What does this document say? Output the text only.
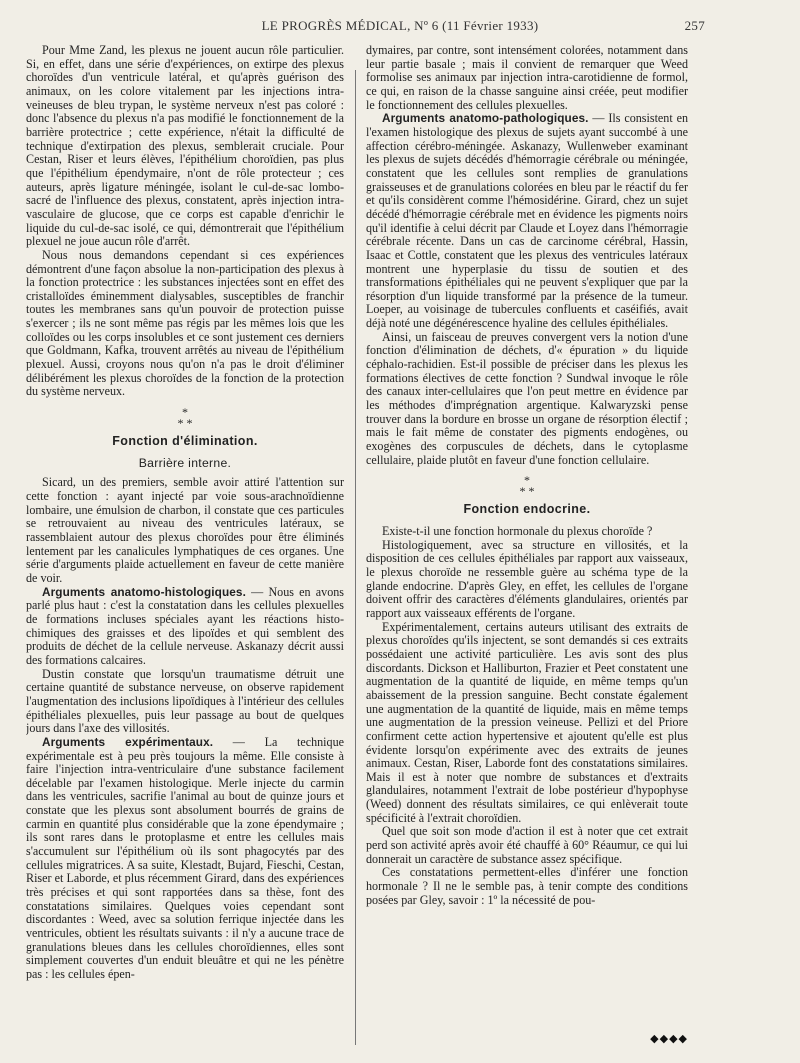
LE PROGRÈS MÉDICAL, Nº 6 (11 Février 1933)	257

Pour Mme Zand, les plexus ne jouent aucun rôle particulier. Si, en effet, dans une série d'expériences, on extirpe des plexus choroïdes d'un ventricule latéral, et qu'après guérison des animaux, on les colore vitalement par les injections intra-veineuses de bleu trypan, le système nerveux n'est pas coloré : donc l'absence du plexus n'a pas modifié le fonctionnement de la barrière protectrice ; cette expérience, n'était la difficulté de technique d'extirpation des plexus, semblerait cruciale. Pour Cestan, Riser et leurs élèves, l'épithélium choroïdien, pas plus que l'épithélium épendymaire, n'ont de rôle protecteur ; ces auteurs, après ligature méningée, isolant le cul-de-sac lombo-sacré de l'influence des plexus, constatent, après injection intra-vasculaire de glucose, que ce corps est capable d'enrichir le liquide du cul-de-sac isolé, ce qui, démontrerait que l'épithélium plexuel ne joue aucun rôle d'arrêt.

Nous nous demandons cependant si ces expériences démontrent d'une façon absolue la non-participation des plexus à la fonction protectrice : les substances injectées sont en effet des cristalloïdes éminemment dialysables, susceptibles de franchir toutes les membranes sans qu'un pouvoir de protection puisse s'exercer ; ils ne sont même pas régis par les mêmes lois que les colloïdes ou les corps insolubles et ce sont justement ces derniers que Goldmann, Kafka, trouvent arrêtés au niveau de l'épithélium plexuel. Aussi, croyons nous qu'on n'a pas le droit d'éliminer délibérément les plexus choroïdes de la fonction de la protection du système nerveux.

*
* *
Fonction d'élimination.
Barrière interne.

Sicard, un des premiers, semble avoir attiré l'attention sur cette fonction : ayant injecté par voie sous-arachnoïdienne lombaire, une émulsion de charbon, il constate que ces particules se retrouvaient au niveau des ventricules latéraux, se rassemblaient autour des plexus choroïdes pour être éliminés lentement par les canalicules lymphatiques de ces organes. Une série d'arguments plaide actuellement en faveur de cette manière de voir.

Arguments anatomo-histologiques. — Nous en avons parlé plus haut : c'est la constatation dans les cellules plexuelles de formations incluses spéciales ayant les réactions histo-chimiques des graisses et des lipoïdes et qui semblent des produits de déchet de la cellule nerveuse. Askanazy décrit aussi des formations calcaires.

Dustin constate que lorsqu'un traumatisme détruit une certaine quantité de substance nerveuse, on observe rapidement l'augmentation des inclusions lipoïdiques à l'intérieur des cellules épithéliales plexuelles, puis leur passage au bout de quelques jours dans l'axe des villosités.

Arguments expérimentaux. — La technique expérimentale est à peu près toujours la même. Elle consiste à faire l'injection intra-ventriculaire d'une substance facilement décelable par l'examen histologique. Merle injecte du carmin dans les ventricules, sacrifie l'animal au bout de quinze jours et constate que les plexus sont absolument bourrés de grains de carmin en quantité plus considérable que la zone épendymaire ; ils sont rares dans le protoplasme et entre les cellules mais s'accumulent sur l'épithélium où ils sont phagocytés par des cellules migratrices. A sa suite, Klestadt, Bujard, Fieschi, Cestan, Riser et Laborde, et plus récemment Girard, dans des expériences très précises et qui sont rapportées dans sa thèse, font des constatations similaires. Quelques voies cependant sont discordantes : Weed, avec sa solution ferrique injectée dans les ventricules, obtient les résultats suivants : il n'y a aucune trace de granulations bleues dans les cellules choroïdiennes, elles sont simplement couvertes d'un enduit bleuâtre et qui ne les pénètre pas : les cellules épen-

dymaires, par contre, sont intensément colorées, notamment dans leur partie basale ; mais il convient de remarquer que Weed formolise ses animaux par injection intra-carotidienne de formol, ce qui, en raison de la chasse sanguine ainsi créée, peut modifier le fonctionnement des cellules plexuelles.

Arguments anatomo-pathologiques. — Ils consistent en l'examen histologique des plexus de sujets ayant succombé à une affection cérébro-méningée. Askanazy, Wullenweber examinant les plexus de sujets décédés d'hémorragie cérébrale ou méningée, constatent que les cellules sont remplies de granulations graisseuses et de granulations colorées en bleu par le réactif du fer et qu'ils considèrent comme l'hémosidérine. Girard, chez un sujet décédé d'hémorragie cérébrale met en évidence les pigments noirs qu'il identifie à celui décrit par Claude et Loyez dans l'hémorragie cérébrale récente. Dans un cas de carcinome cérébral, Hassin, Isaac et Cottle, constatent que les plexus des ventricules latéraux montrent une hyperplasie du tissu de soutien et des transformations épithéliales qui ne peuvent s'expliquer que par la résorption d'un liquide transformé par la présence de la tumeur. Loeper, au voisinage de tubercules confluents et caséifiés, avait déjà noté une dégénérescence hyaline des cellules épithéliales.

Ainsi, un faisceau de preuves convergent vers la notion d'une fonction d'élimination de déchets, d'« épuration » du liquide céphalo-rachidien. Est-il possible de préciser dans les plexus les formations électives de cette fonction ? Sundwal invoque le rôle des canaux inter-cellulaires que l'on peut mettre en évidence par les méthodes d'imprégnation argentique. Kalwaryzski pense trouver dans la bordure en brosse un organe de résorption électif ; mais le fait même de constater des pigments endogènes, ou exogènes des corpuscules de déchets, dans le cytoplasme cellulaire, plaide plutôt en faveur d'une fonction cellulaire.

*
* *
Fonction endocrine.

Existe-t-il une fonction hormonale du plexus choroïde ?

Histologiquement, avec sa structure en villosités, et la disposition de ces cellules épithéliales par rapport aux vaisseaux, le plexus choroïde ne ressemble guère au schéma type de la glande endocrine. D'après Gley, en effet, les cellules de l'organe doivent offrir des caractères d'éléments glandulaires, orientés par rapport aux vaisseaux efférents de l'organe.

Expérimentalement, certains auteurs utilisant des extraits de plexus choroïdes qu'ils injectent, se sont demandés si ces extraits possédaient une activité particulière. Les avis sont des plus discordants. Dickson et Halliburton, Frazier et Peet constatent une augmentation de la quantité de liquide, en même temps qu'un abaissement de la pression sanguine. Becht constate également une augmentation de la quantité de liquide, mais en même temps une augmentation de la pression veineuse. Pellizi et del Priore confirment cette action hypertensive et ajoutent qu'elle est plus évidente lorsqu'on expérimente avec des extraits de jeunes animaux. Cestan, Riser, Laborde font des constatations similaires. Mais il est à noter que nombre de substances et d'extraits glandulaires, notamment l'extrait de lobe postérieur d'hypophyse (Weed) donnent des résultats similaires, ce qui enlèverait toute spécificité à l'extrait choroïdien.

Quel que soit son mode d'action il est à noter que cet extrait perd son activité après avoir été chauffé à 60° Réaumur, ce qui lui donnerait un caractère de substance assez spécifique.

Ces constatations permettent-elles d'inférer une fonction hormonale ? Il ne le semble pas, à tenir compte des conditions posées par Gley, savoir : 1º la nécessité de pou-

◆◆◆◆
